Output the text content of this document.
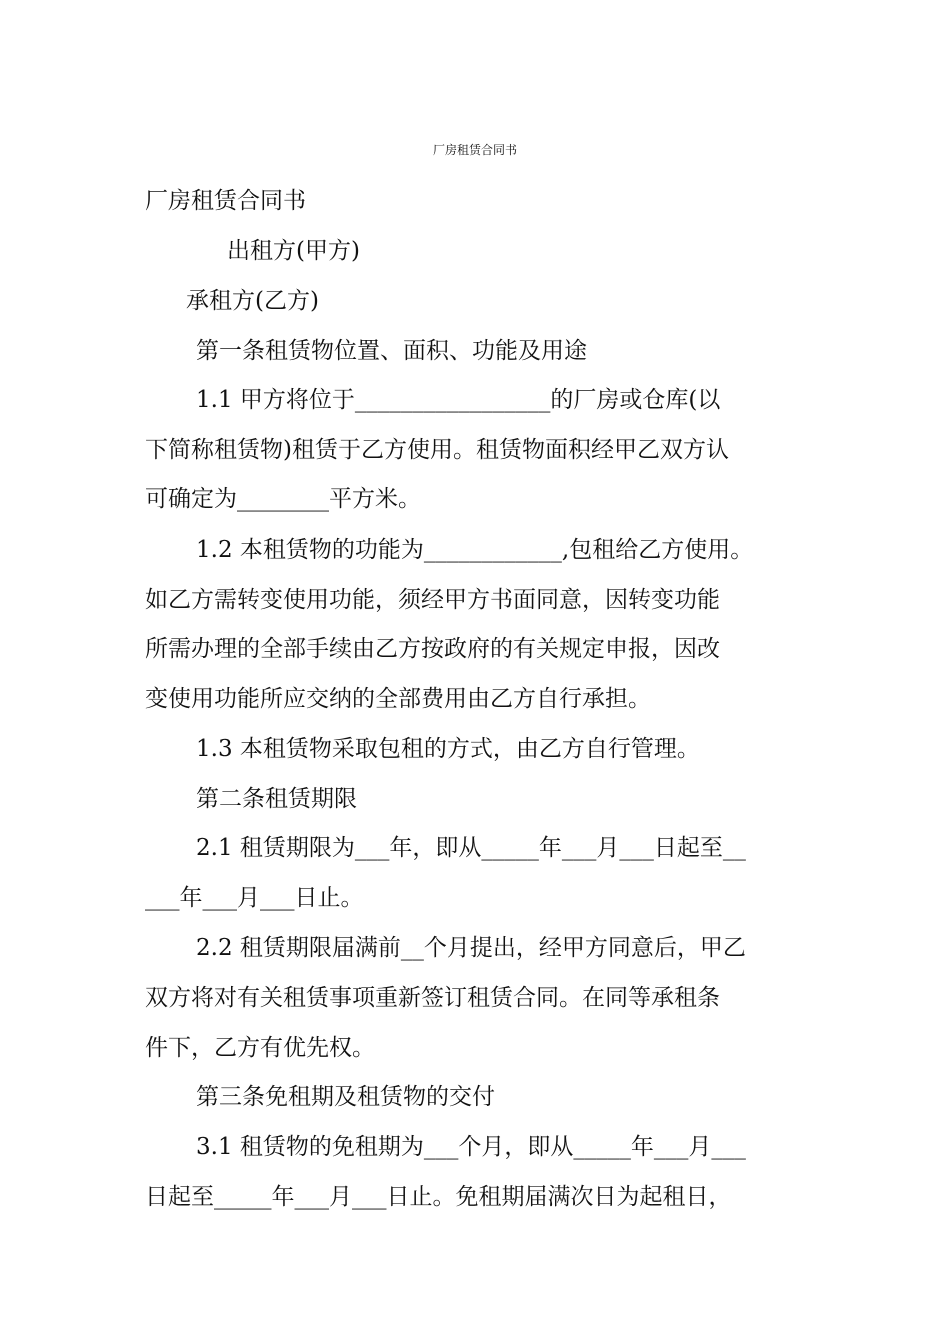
厂房租赁合同书
厂房租赁合同书
出租方(甲方)
承租方(乙方)
第一条租赁物位置、面积、功能及用途
1.1 甲方将位于_________________的厂房或仓库(以
下简称租赁物)租赁于乙方使用。租赁物面积经甲乙双方认
可确定为________平方米。
1.2 本租赁物的功能为____________,包租给乙方使用。
如乙方需转变使用功能，须经甲方书面同意，因转变功能
所需办理的全部手续由乙方按政府的有关规定申报，因改
变使用功能所应交纳的全部费用由乙方自行承担。
1.3 本租赁物采取包租的方式，由乙方自行管理。
第二条租赁期限
2.1 租赁期限为___年，即从_____年___月___日起至__
___年___月___日止。
2.2 租赁期限届满前__个月提出，经甲方同意后，甲乙
双方将对有关租赁事项重新签订租赁合同。在同等承租条
件下，乙方有优先权。
第三条免租期及租赁物的交付
3.1 租赁物的免租期为___个月，即从_____年___月___
日起至_____年___月___日止。免租期届满次日为起租日，
